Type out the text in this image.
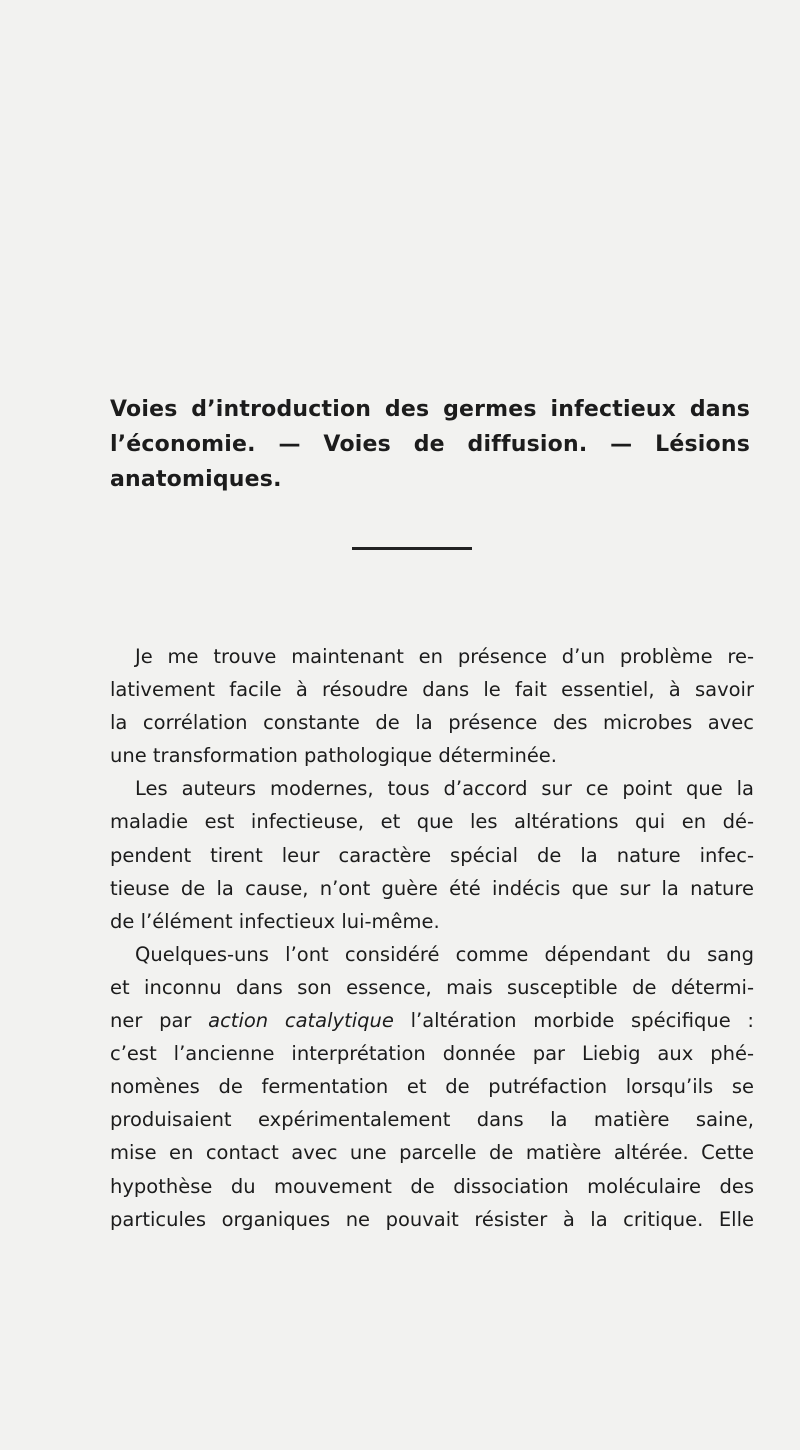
Voies d’introduction des germes infectieux dans
l’économie. — Voies de diffusion. — Lésions
anatomiques.
Je me trouve maintenant en présence d’un problème re-
lativement facile à résoudre dans le fait essentiel, à savoir
la corrélation constante de la présence des microbes avec
une transformation pathologique déterminée.
Les auteurs modernes, tous d’accord sur ce point que la
maladie est infectieuse, et que les altérations qui en dé-
pendent tirent leur caractère spécial de la nature infec-
tieuse de la cause, n’ont guère été indécis que sur la nature
de l’élément infectieux lui-même.
Quelques-uns l’ont considéré comme dépendant du sang
et inconnu dans son essence, mais susceptible de détermi-
ner par action catalytique l’altération morbide spécifique :
c’est l’ancienne interprétation donnée par Liebig aux phé-
nomènes de fermentation et de putréfaction lorsqu’ils se
produisaient expérimentalement dans la matière saine,
mise en contact avec une parcelle de matière altérée. Cette
hypothèse du mouvement de dissociation moléculaire des
particules organiques ne pouvait résister à la critique. Elle
